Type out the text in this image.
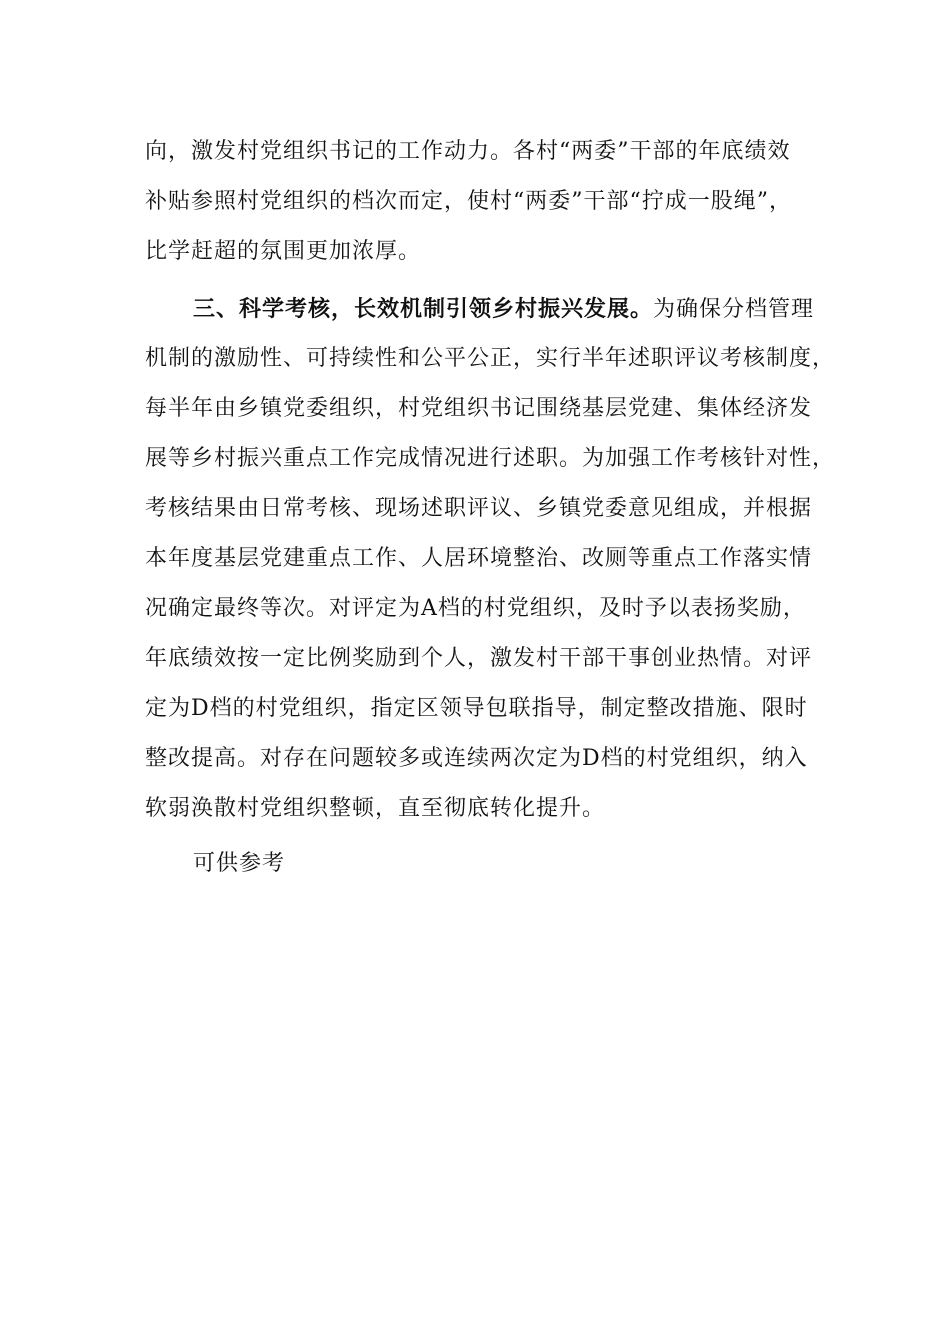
向，激发村党组织书记的工作动力。各村“两委”干部的年底绩效

补贴参照村党组织的档次而定，使村“两委”干部“拧成一股绳”，

比学赶超的氛围更加浓厚。

三、科学考核，长效机制引领乡村振兴发展。为确保分档管理

机制的激励性、可持续性和公平公正，实行半年述职评议考核制度，

每半年由乡镇党委组织，村党组织书记围绕基层党建、集体经济发

展等乡村振兴重点工作完成情况进行述职。为加强工作考核针对性，

考核结果由日常考核、现场述职评议、乡镇党委意见组成，并根据

本年度基层党建重点工作、人居环境整治、改厕等重点工作落实情

况确定最终等次。对评定为A档的村党组织，及时予以表扬奖励，

年底绩效按一定比例奖励到个人，激发村干部干事创业热情。对评

定为D档的村党组织，指定区领导包联指导，制定整改措施、限时

整改提高。对存在问题较多或连续两次定为D档的村党组织，纳入

软弱涣散村党组织整顿，直至彻底转化提升。

可供参考
